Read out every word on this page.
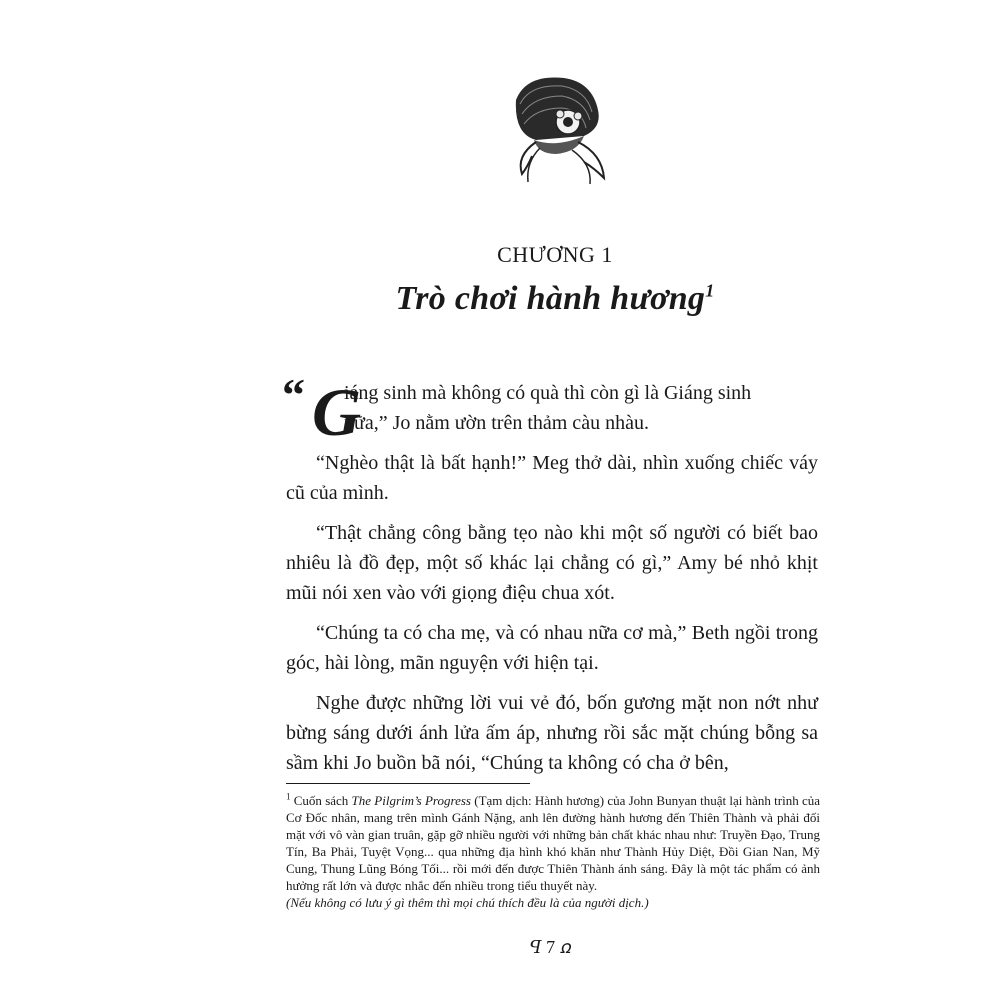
CHƯƠNG 1
Trò chơi hành hương$^1$
“ G
iáng sinh mà không có quà thì còn gì là Giáng sinh
nữa,” Jo nằm ườn trên thảm càu nhàu.

“Nghèo thật là bất hạnh!” Meg thở dài, nhìn xuống chiếc váy cũ của mình.

“Thật chẳng công bằng tẹo nào khi một số người có biết bao nhiêu là đồ đẹp, một số khác lại chẳng có gì,” Amy bé nhỏ khịt mũi nói xen vào với giọng điệu chua xót.

“Chúng ta có cha mẹ, và có nhau nữa cơ mà,” Beth ngồi trong góc, hài lòng, mãn nguyện với hiện tại.

Nghe được những lời vui vẻ đó, bốn gương mặt non nớt như bừng sáng dưới ánh lửa ấm áp, nhưng rồi sắc mặt chúng bỗng sa sầm khi Jo buồn bã nói, “Chúng ta không có cha ở bên,

$^1$ Cuốn sách The Pilgrim’s Progress (Tạm dịch: Hành hương) của John Bunyan thuật lại hành trình của Cơ Đốc nhân, mang trên mình Gánh Nặng, anh lên đường hành hương đến Thiên Thành và phải đối mặt với vô vàn gian truân, gặp gỡ nhiều người với những bản chất khác nhau như: Truyền Đạo, Trung Tín, Ba Phải, Tuyệt Vọng... qua những địa hình khó khăn như Thành Hủy Diệt, Đồi Gian Nan, Mỹ Cung, Thung Lũng Bóng Tối... rồi mới đến được Thiên Thành ánh sáng. Đây là một tác phẩm có ảnh hưởng rất lớn và được nhắc đến nhiều trong tiểu thuyết này.
(Nếu không có lưu ý gì thêm thì mọi chú thích đều là của người dịch.)
ꟼ 7 ꭥ
